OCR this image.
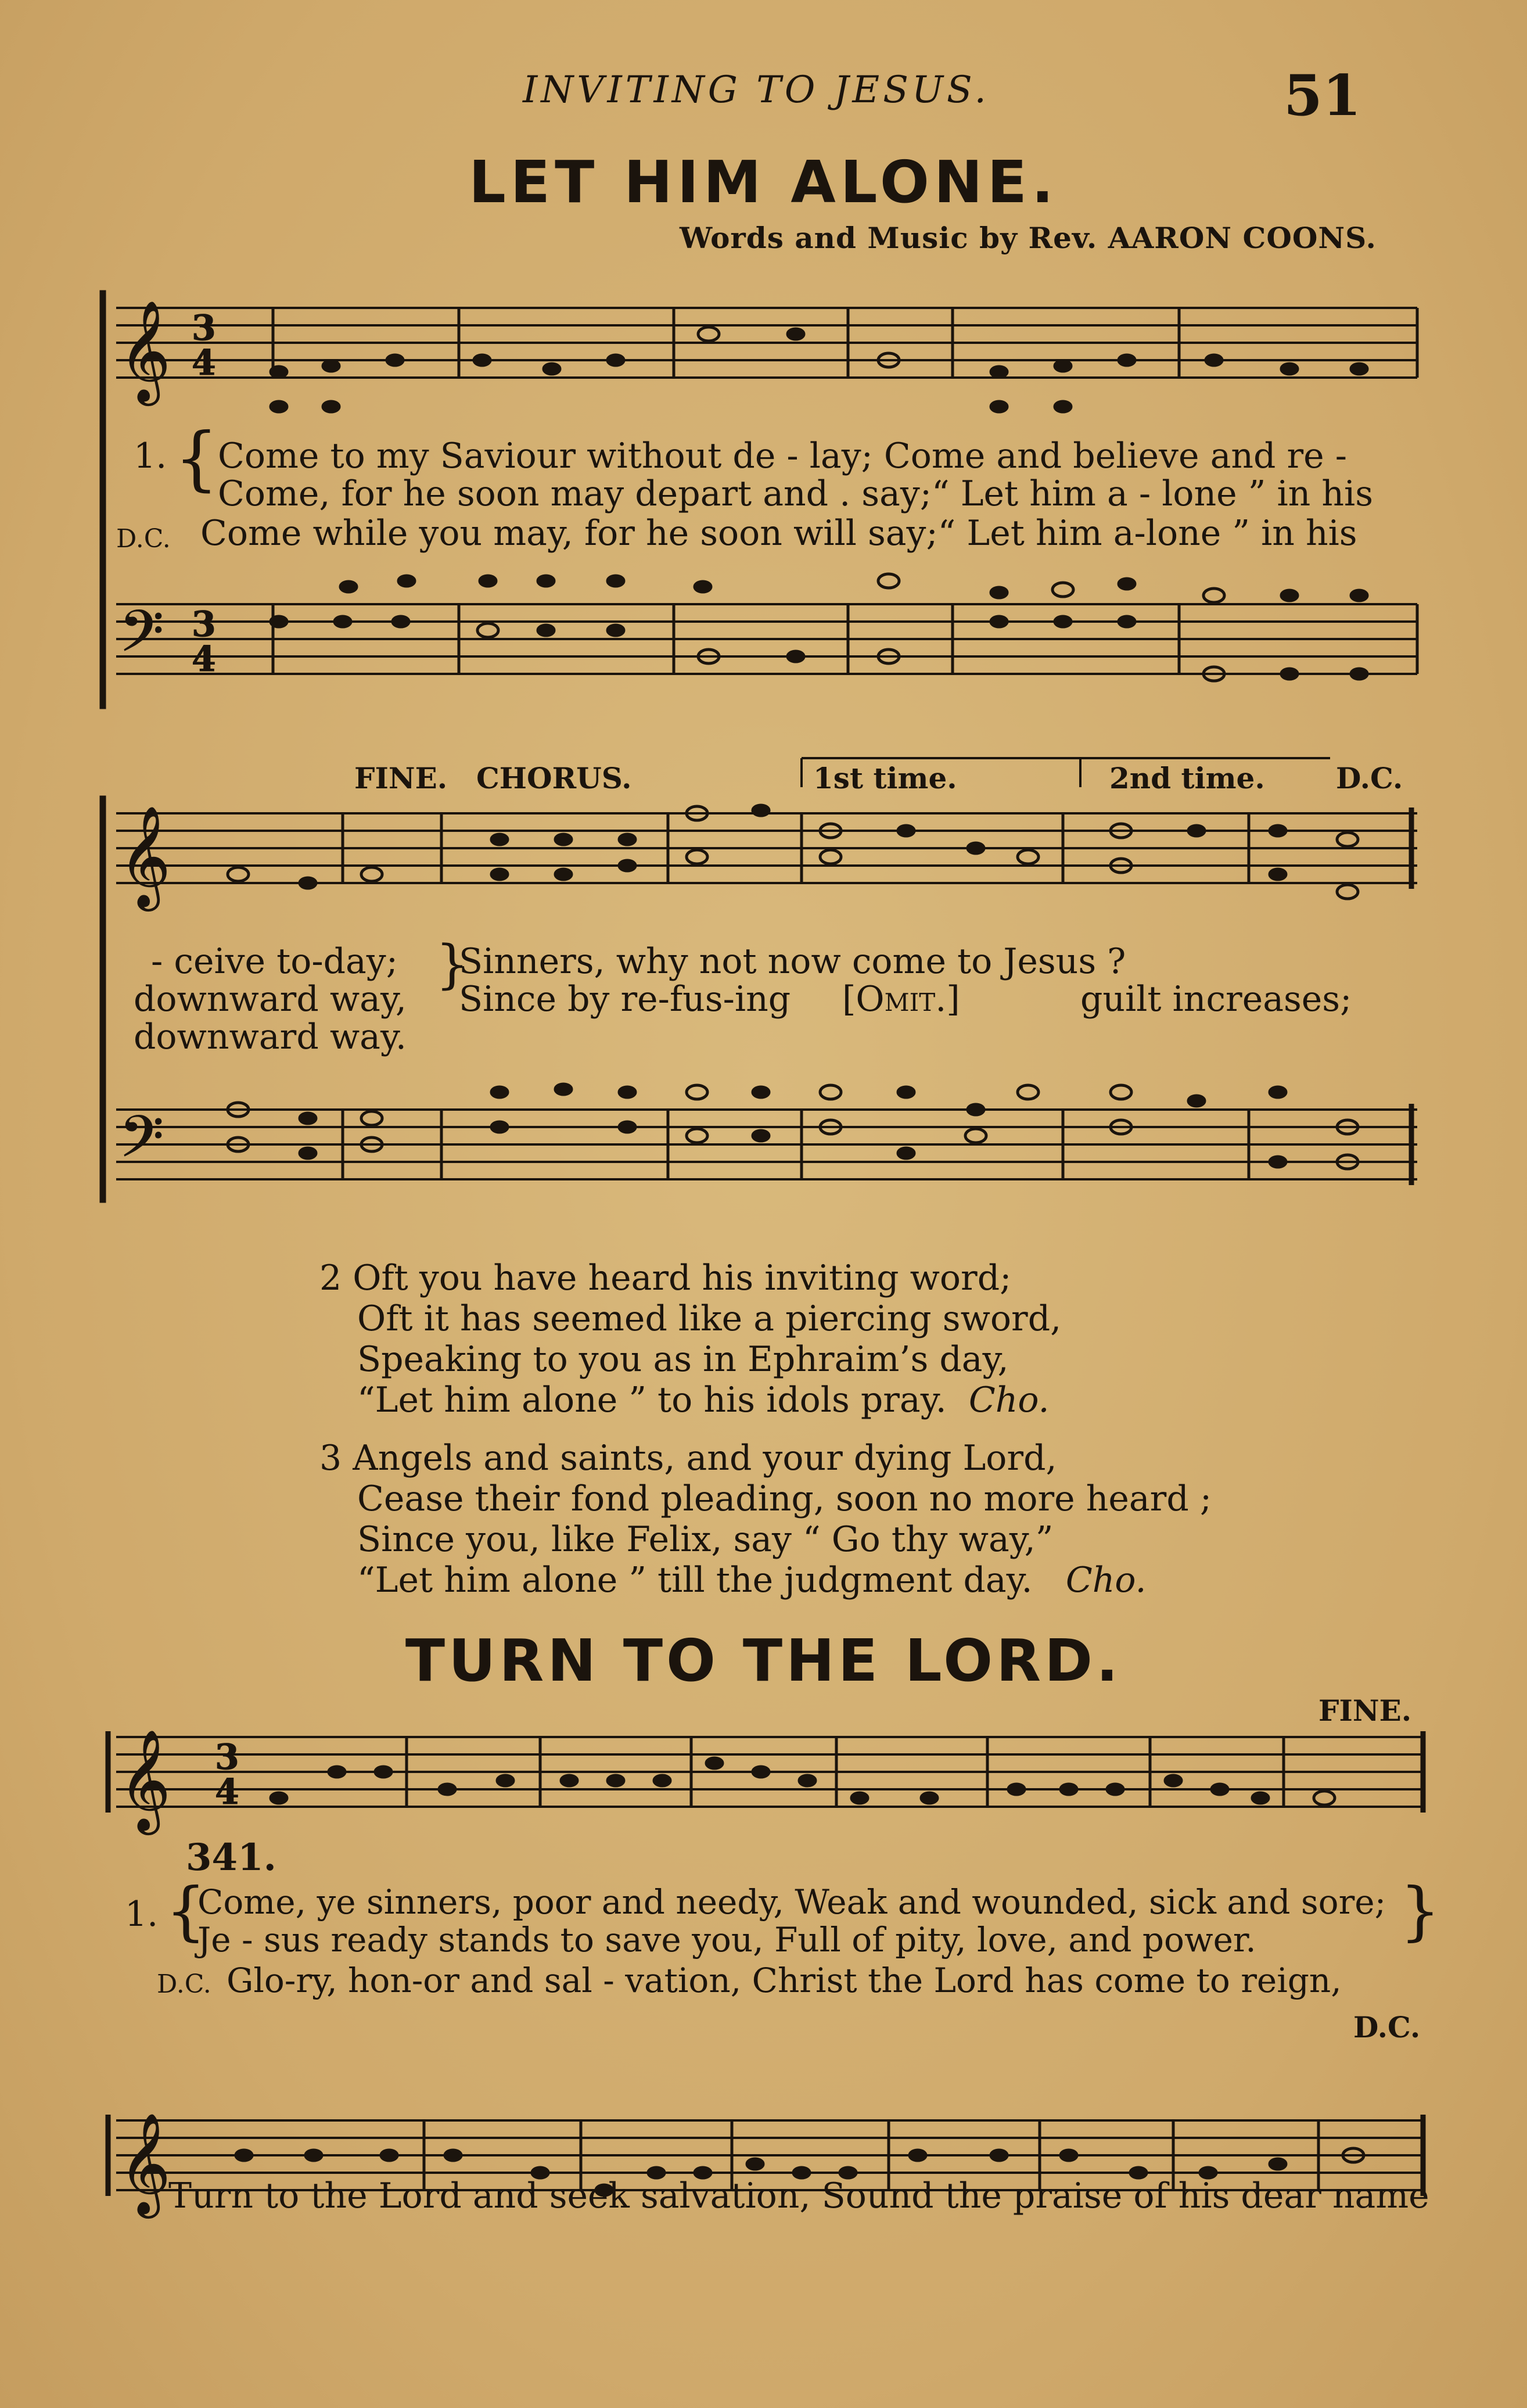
INVITING TO JESUS.	51
LET HIM ALONE.
Words and Music by Rev. AARON COONS.
𝄞 3
4
𝄢 3
4
𝄞
𝄢
𝄞 3
4
𝄞
1. {
Come to my Saviour without de - lay; Come and believe and re -
Come, for he soon may depart and . say;“ Let him a - lone ” in his
D.C. Come while you may, for he soon will say;“ Let him a-lone ” in his
FINE. CHORUS.	1st time.	2nd time. D.C.
- ceive to-day; }
Sinners, why not now come to Jesus ?
downward way, Since by re-fus-ing [Omit.]	guilt increases;
downward way.
2 Oft you have heard his inviting word;
Oft it has seemed like a piercing sword,
Speaking to you as in Ephraim’s day,
“Let him alone ” to his idols pray. Cho.
3 Angels and saints, and your dying Lord,
Cease their fond pleading, soon no more heard ;
Since you, like Felix, say “ Go thy way,”
“Let him alone ” till the judgment day. Cho.
TURN TO THE LORD.
FINE.
341.
1. {
Come, ye sinners, poor and needy, Weak and wounded, sick and sore; }
Je - sus ready stands to save you, Full of pity, love, and power.
D.C. Glo-ry, hon-or and sal - vation, Christ the Lord has come to reign,
D.C.
Turn to the Lord and seek salvation, Sound the praise of his dear name
